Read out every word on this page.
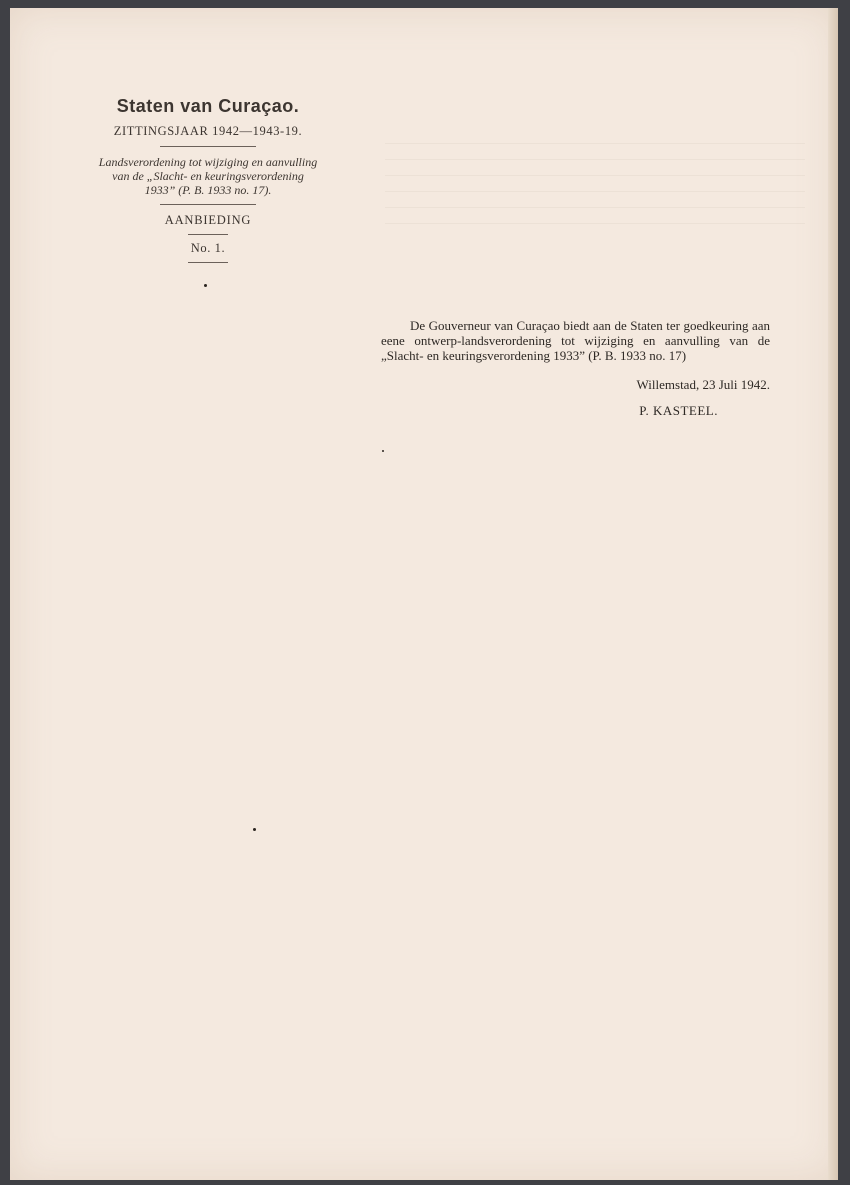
Staten van Curaçao.
ZITTINGSJAAR 1942—1943-19.
Landsverordening tot wijziging en aanvulling
van de „Slacht- en keuringsverordening
1933” (P. B. 1933 no. 17).
AANBIEDING
No. 1.

De Gouverneur van Curaçao biedt aan de Staten ter goedkeuring aan eene ontwerp-landsverordening tot wijziging en aanvulling van de „Slacht- en keuringsverordening 1933” (P. B. 1933 no. 17)

Willemstad, 23 Juli 1942.
P. KASTEEL.
